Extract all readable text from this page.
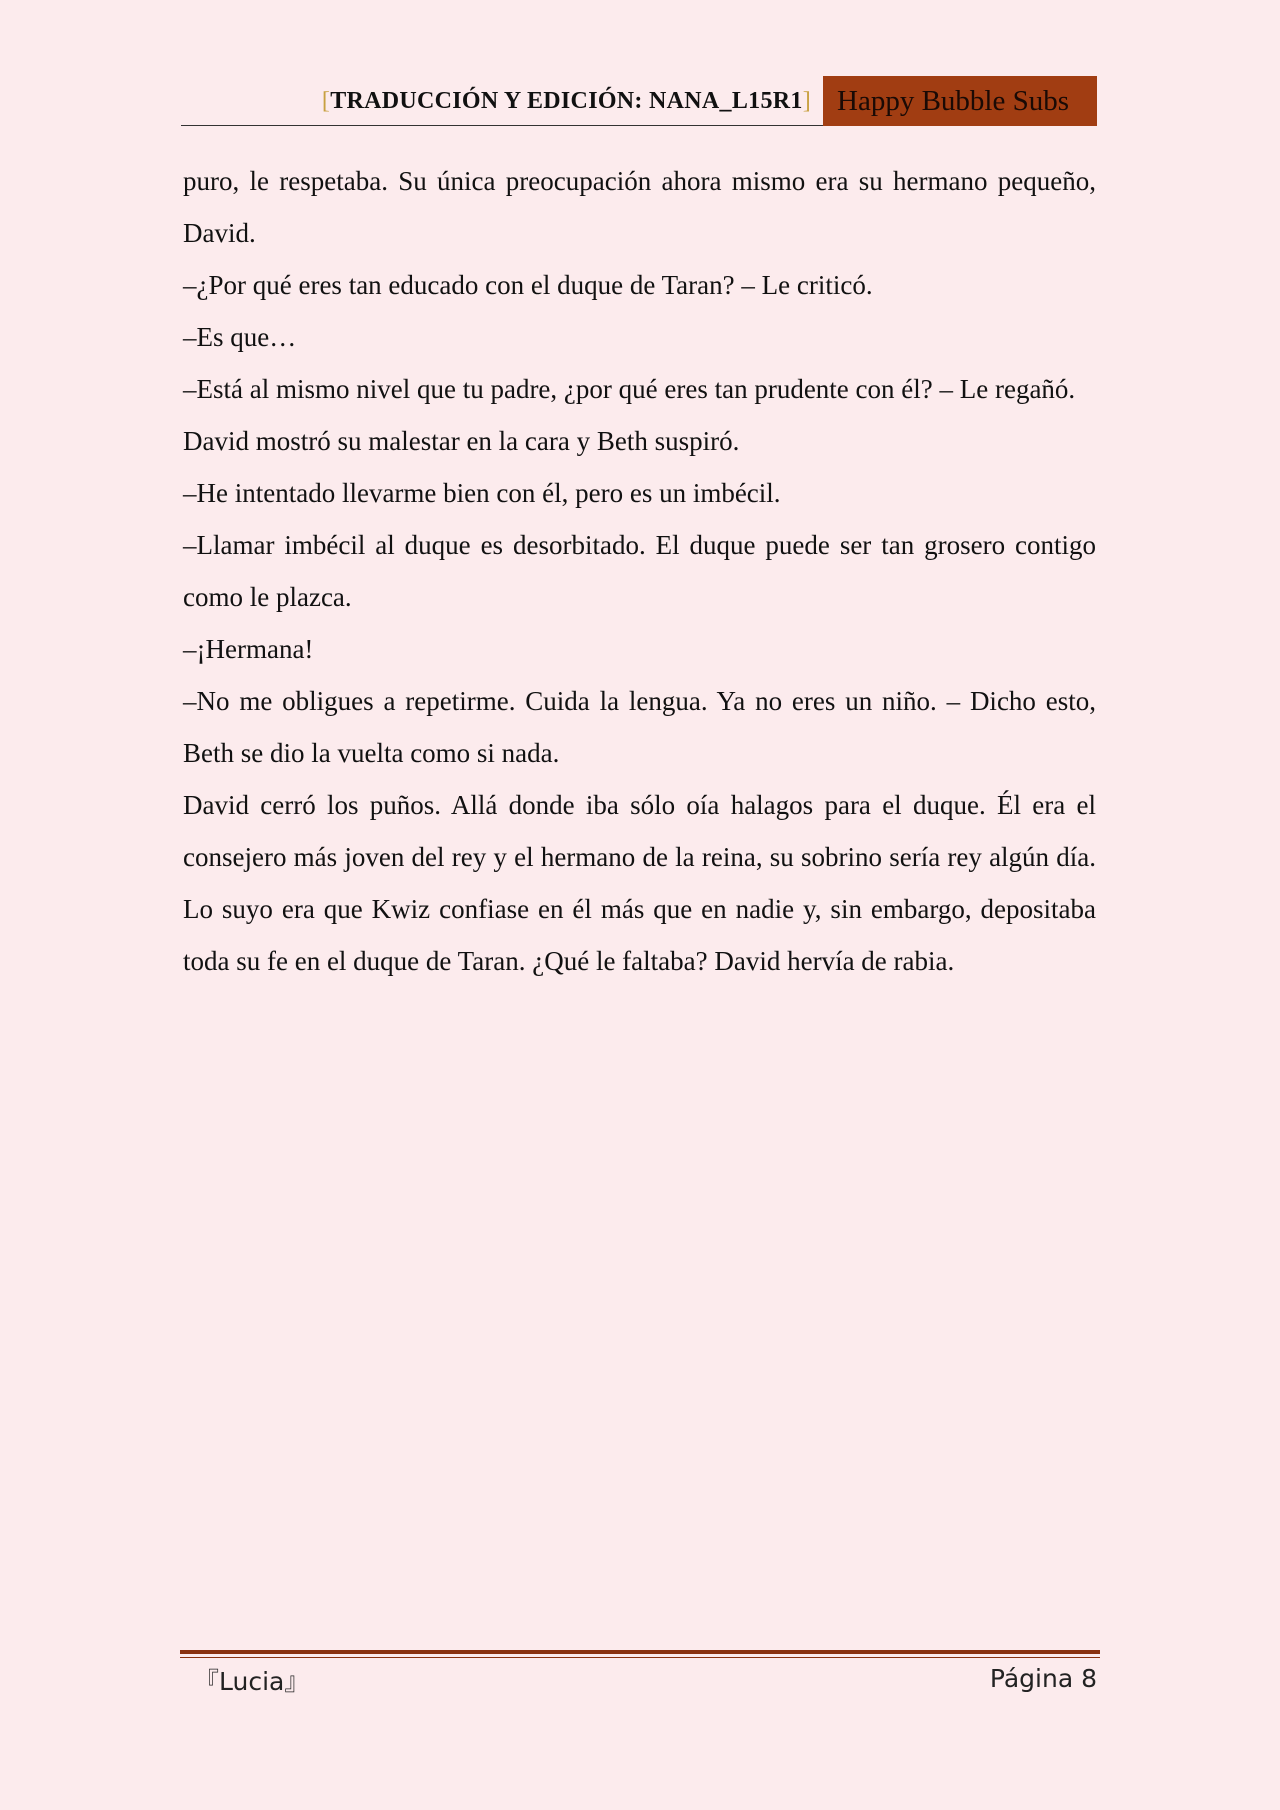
[TRADUCCIÓN Y EDICIÓN: NANA_L15R1] Happy Bubble Subs

puro, le respetaba. Su única preocupación ahora mismo era su hermano pequeño, David.

–¿Por qué eres tan educado con el duque de Taran? – Le criticó.

–Es que…

–Está al mismo nivel que tu padre, ¿por qué eres tan prudente con él? – Le regañó.

David mostró su malestar en la cara y Beth suspiró.

–He intentado llevarme bien con él, pero es un imbécil.

–Llamar imbécil al duque es desorbitado. El duque puede ser tan grosero contigo como le plazca.

–¡Hermana!

–No me obligues a repetirme. Cuida la lengua. Ya no eres un niño. – Dicho esto, Beth se dio la vuelta como si nada.

David cerró los puños. Allá donde iba sólo oía halagos para el duque. Él era el consejero más joven del rey y el hermano de la reina, su sobrino sería rey algún día. Lo suyo era que Kwiz confiase en él más que en nadie y, sin embargo, depositaba toda su fe en el duque de Taran. ¿Qué le faltaba? David hervía de rabia.

『Lucia』	Página 8
